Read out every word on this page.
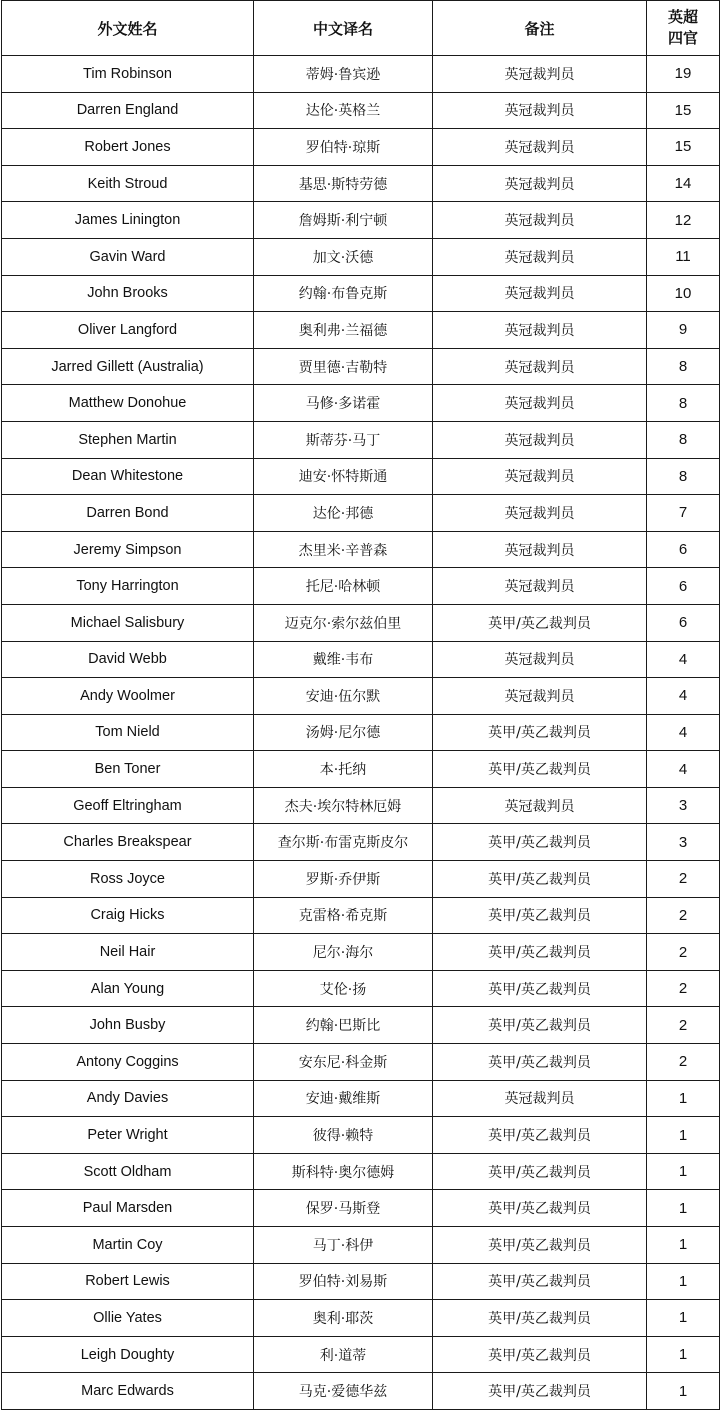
外文姓名	中文译名	备注	英超
四官
Tim Robinson	蒂姆·鲁宾逊	英冠裁判员	19
Darren England	达伦·英格兰	英冠裁判员	15
Robert Jones	罗伯特·琼斯	英冠裁判员	15
Keith Stroud	基思·斯特劳德	英冠裁判员	14
James Linington	詹姆斯·利宁顿	英冠裁判员	12
Gavin Ward	加文·沃德	英冠裁判员	11
John Brooks	约翰·布鲁克斯	英冠裁判员	10
Oliver Langford	奥利弗·兰福德	英冠裁判员	9
Jarred Gillett (Australia)	贾里德·吉勒特	英冠裁判员	8
Matthew Donohue	马修·多诺霍	英冠裁判员	8
Stephen Martin	斯蒂芬·马丁	英冠裁判员	8
Dean Whitestone	迪安·怀特斯通	英冠裁判员	8
Darren Bond	达伦·邦德	英冠裁判员	7
Jeremy Simpson	杰里米·辛普森	英冠裁判员	6
Tony Harrington	托尼·哈林顿	英冠裁判员	6
Michael Salisbury	迈克尔·索尔兹伯里	英甲/英乙裁判员	6
David Webb	戴维·韦布	英冠裁判员	4
Andy Woolmer	安迪·伍尔默	英冠裁判员	4
Tom Nield	汤姆·尼尔德	英甲/英乙裁判员	4
Ben Toner	本·托纳	英甲/英乙裁判员	4
Geoff Eltringham	杰夫·埃尔特林厄姆	英冠裁判员	3
Charles Breakspear	查尔斯·布雷克斯皮尔	英甲/英乙裁判员	3
Ross Joyce	罗斯·乔伊斯	英甲/英乙裁判员	2
Craig Hicks	克雷格·希克斯	英甲/英乙裁判员	2
Neil Hair	尼尔·海尔	英甲/英乙裁判员	2
Alan Young	艾伦·扬	英甲/英乙裁判员	2
John Busby	约翰·巴斯比	英甲/英乙裁判员	2
Antony Coggins	安东尼·科金斯	英甲/英乙裁判员	2
Andy Davies	安迪·戴维斯	英冠裁判员	1
Peter Wright	彼得·赖特	英甲/英乙裁判员	1
Scott Oldham	斯科特·奥尔德姆	英甲/英乙裁判员	1
Paul Marsden	保罗·马斯登	英甲/英乙裁判员	1
Martin Coy	马丁·科伊	英甲/英乙裁判员	1
Robert Lewis	罗伯特·刘易斯	英甲/英乙裁判员	1
Ollie Yates	奥利·耶茨	英甲/英乙裁判员	1
Leigh Doughty	利·道蒂	英甲/英乙裁判员	1
Marc Edwards	马克·爱德华兹	英甲/英乙裁判员	1
